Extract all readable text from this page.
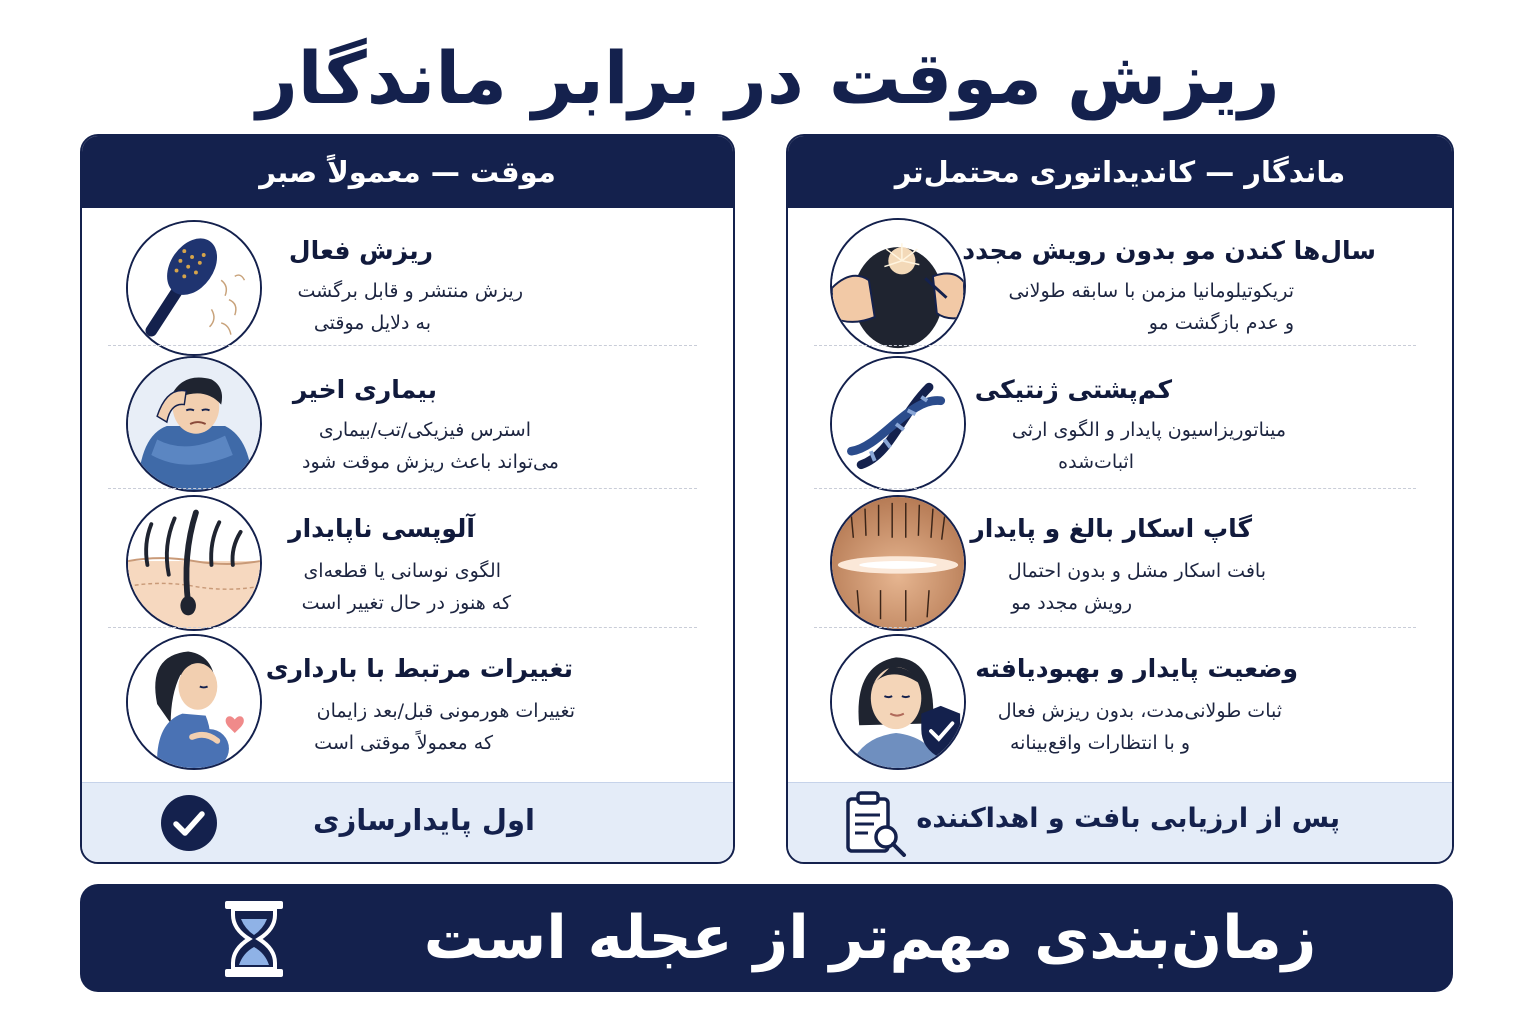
ریزش موقت در برابر ماندگار
ماندگار — کاندیداتوری محتمل‌تر
سال‌ها کندن مو بدون رویش مجدد
تریکوتیلومانیا مزمن با سابقه طولانی
و عدم بازگشت مو
کم‌پشتی ژنتیکی
میناتوریزاسیون پایدار و الگوی ارثی
اثبات‌شده
گاپ اسکار بالغ و پایدار
بافت اسکار مشل و بدون احتمال
رویش مجدد مو
وضعیت پایدار و بهبودیافته
ثبات طولانی‌مدت، بدون ریزش فعال
و با انتظارات واقع‌بینانه
پس از ارزیابی بافت و اهداکننده
موقت — معمولاً صبر
ریزش فعال
ریزش منتشر و قابل برگشت
به دلایل موقتی
بیماری اخیر
استرس فیزیکی/تب/بیماری
می‌تواند باعث ریزش موقت شود
آلوپسی ناپایدار
الگوی نوسانی یا قطعه‌ای
که هنوز در حال تغییر است
تغییرات مرتبط با بارداری
تغییرات هورمونی قبل/بعد زایمان
که معمولاً موقتی است
اول پایدارسازی
زمان‌بندی مهم‌تر از عجله است
